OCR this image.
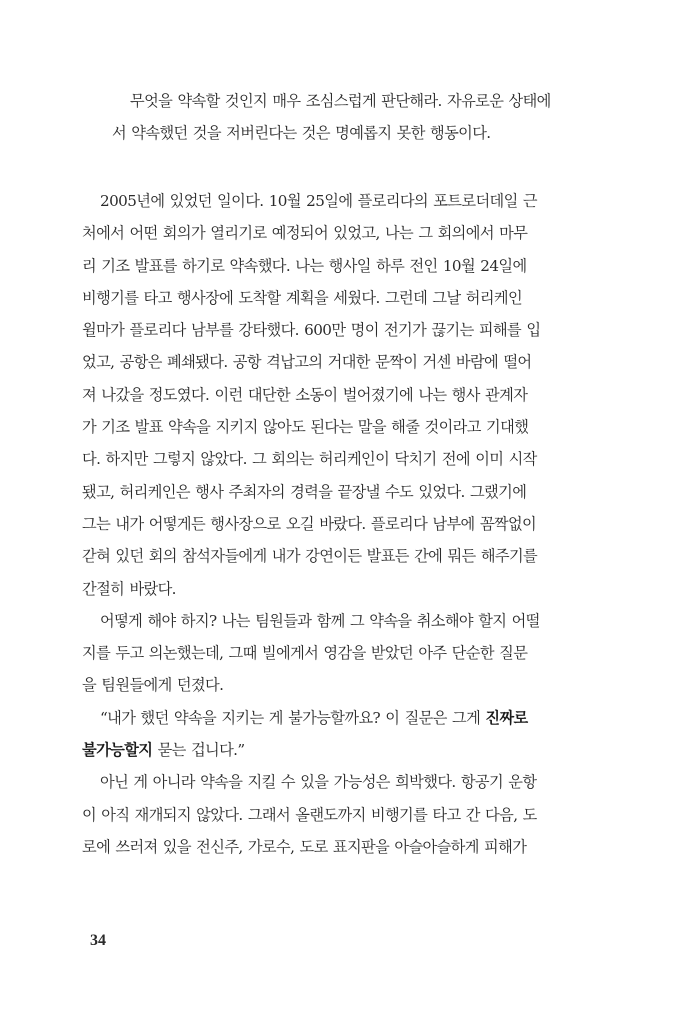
무엇을 약속할 것인지 매우 조심스럽게 판단해라. 자유로운 상태에
서 약속했던 것을 저버린다는 것은 명예롭지 못한 행동이다.
2005년에 있었던 일이다. 10월 25일에 플로리다의 포트로더데일 근
처에서 어떤 회의가 열리기로 예정되어 있었고, 나는 그 회의에서 마무
리 기조 발표를 하기로 약속했다. 나는 행사일 하루 전인 10월 24일에
비행기를 타고 행사장에 도착할 계획을 세웠다. 그런데 그날 허리케인
윌마가 플로리다 남부를 강타했다. 600만 명이 전기가 끊기는 피해를 입
었고, 공항은 폐쇄됐다. 공항 격납고의 거대한 문짝이 거센 바람에 떨어
져 나갔을 정도였다. 이런 대단한 소동이 벌어졌기에 나는 행사 관계자
가 기조 발표 약속을 지키지 않아도 된다는 말을 해줄 것이라고 기대했
다. 하지만 그렇지 않았다. 그 회의는 허리케인이 닥치기 전에 이미 시작
됐고, 허리케인은 행사 주최자의 경력을 끝장낼 수도 있었다. 그랬기에
그는 내가 어떻게든 행사장으로 오길 바랐다. 플로리다 남부에 꼼짝없이
갇혀 있던 회의 참석자들에게 내가 강연이든 발표든 간에 뭐든 해주기를
간절히 바랐다.
어떻게 해야 하지? 나는 팀원들과 함께 그 약속을 취소해야 할지 어떨
지를 두고 의논했는데, 그때 빌에게서 영감을 받았던 아주 단순한 질문
을 팀원들에게 던졌다.
“내가 했던 약속을 지키는 게 불가능할까요? 이 질문은 그게 진짜로
불가능할지 묻는 겁니다.”
아닌 게 아니라 약속을 지킬 수 있을 가능성은 희박했다. 항공기 운항
이 아직 재개되지 않았다. 그래서 올랜도까지 비행기를 타고 간 다음, 도
로에 쓰러져 있을 전신주, 가로수, 도로 표지판을 아슬아슬하게 피해가
34
